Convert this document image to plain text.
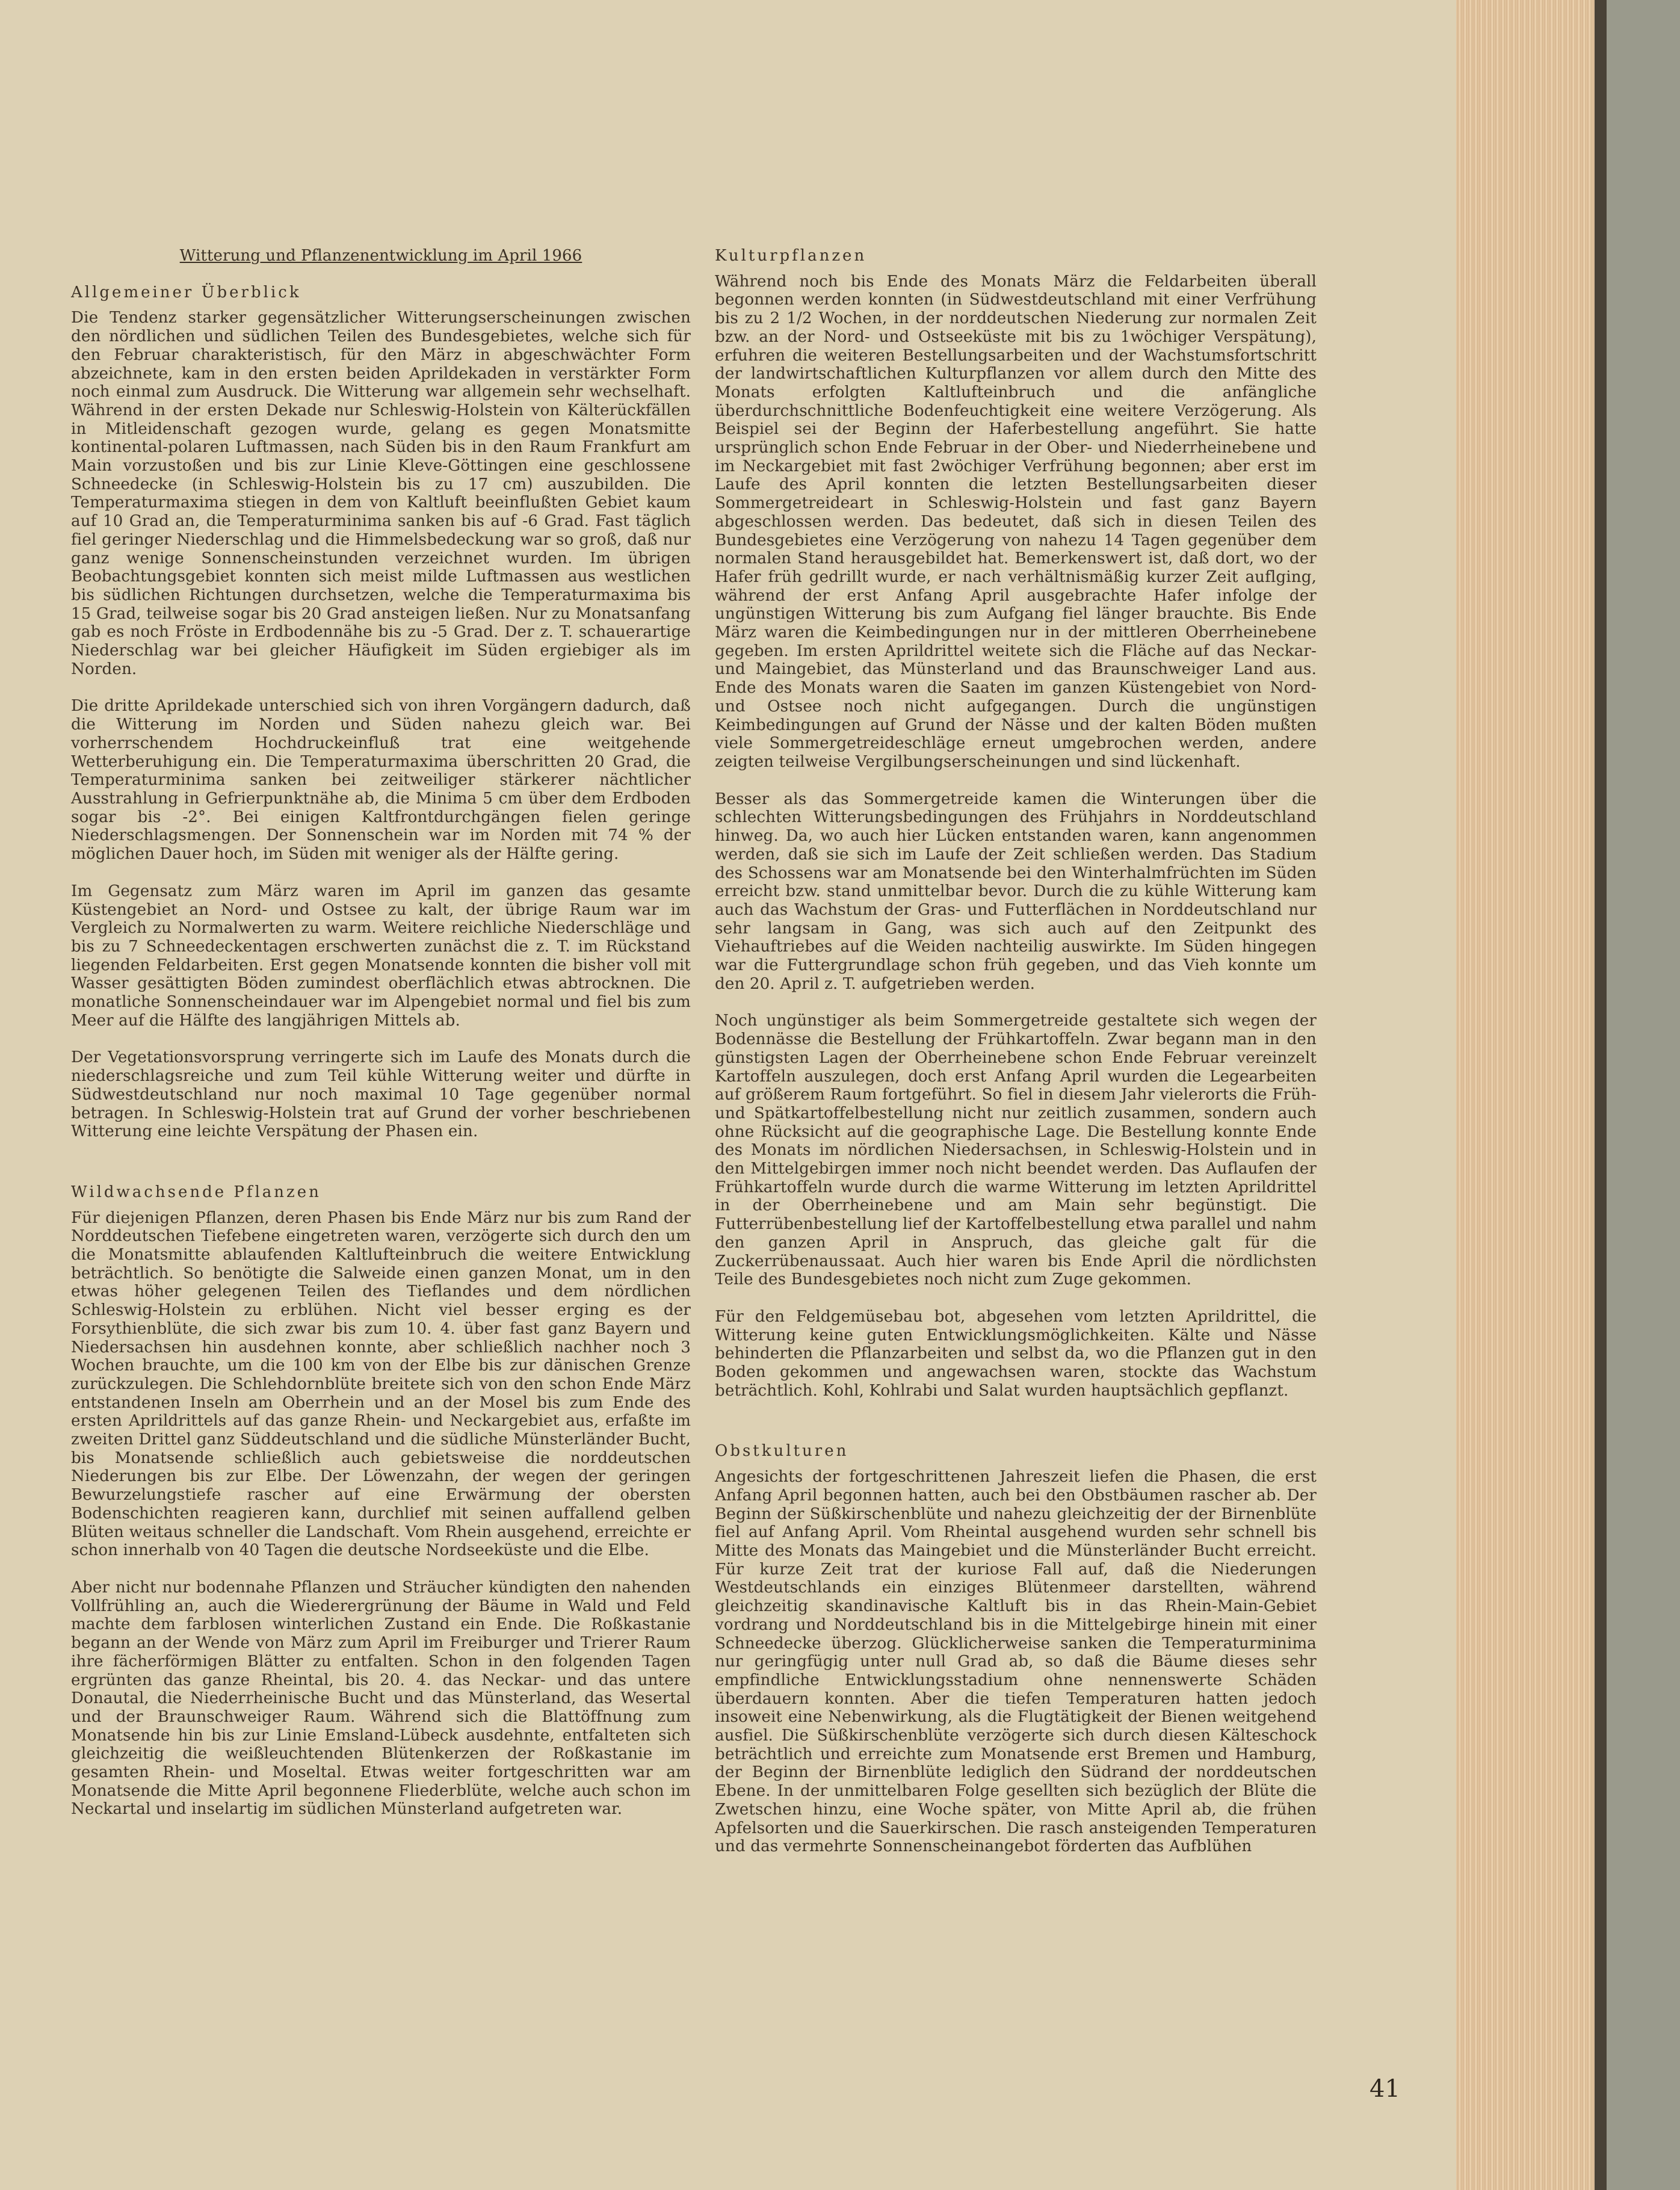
Witterung und Pflanzenentwicklung im April 1966
Allgemeiner Überblick

Die Tendenz starker gegensätzlicher Witterungserscheinungen zwischen den nördlichen und südlichen Teilen des Bundesgebietes, welche sich für den Februar charakteristisch, für den März in abgeschwächter Form abzeichnete, kam in den ersten beiden Aprildekaden in verstärkter Form noch einmal zum Ausdruck. Die Witterung war allgemein sehr wechselhaft. Während in der ersten Dekade nur Schleswig-Holstein von Kälterückfällen in Mitleidenschaft gezogen wurde, gelang es gegen Monatsmitte kontinental-polaren Luftmassen, nach Süden bis in den Raum Frankfurt am Main vorzustoßen und bis zur Linie Kleve-Göttingen eine geschlossene Schneedecke (in Schleswig-Holstein bis zu 17 cm) auszubilden. Die Temperaturmaxima stiegen in dem von Kaltluft beeinflußten Gebiet kaum auf 10 Grad an, die Temperaturminima sanken bis auf -6 Grad. Fast täglich fiel geringer Niederschlag und die Himmelsbedeckung war so groß, daß nur ganz wenige Sonnenscheinstunden verzeichnet wurden. Im übrigen Beobachtungsgebiet konnten sich meist milde Luftmassen aus westlichen bis südlichen Richtungen durchsetzen, welche die Temperaturmaxima bis 15 Grad, teilweise sogar bis 20 Grad ansteigen ließen. Nur zu Monatsanfang gab es noch Fröste in Erdbodennähe bis zu -5 Grad. Der z. T. schauerartige Niederschlag war bei gleicher Häufigkeit im Süden ergiebiger als im Norden.

Die dritte Aprildekade unterschied sich von ihren Vorgängern dadurch, daß die Witterung im Norden und Süden nahezu gleich war. Bei vorherrschendem Hochdruckeinfluß trat eine weitgehende Wetterberuhigung ein. Die Temperaturmaxima überschritten 20 Grad, die Temperaturminima sanken bei zeitweiliger stärkerer nächtlicher Ausstrahlung in Gefrierpunktnähe ab, die Minima 5 cm über dem Erdboden sogar bis -2°. Bei einigen Kaltfrontdurchgängen fielen geringe Niederschlagsmengen. Der Sonnenschein war im Norden mit 74 % der möglichen Dauer hoch, im Süden mit weniger als der Hälfte gering.

Im Gegensatz zum März waren im April im ganzen das gesamte Küstengebiet an Nord- und Ostsee zu kalt, der übrige Raum war im Vergleich zu Normalwerten zu warm. Weitere reichliche Niederschläge und bis zu 7 Schneedeckentagen erschwerten zunächst die z. T. im Rückstand liegenden Feldarbeiten. Erst gegen Monatsende konnten die bisher voll mit Wasser gesättigten Böden zumindest oberflächlich etwas abtrocknen. Die monatliche Sonnenscheindauer war im Alpengebiet normal und fiel bis zum Meer auf die Hälfte des langjährigen Mittels ab.

Der Vegetationsvorsprung verringerte sich im Laufe des Monats durch die niederschlagsreiche und zum Teil kühle Witterung weiter und dürfte in Südwestdeutschland nur noch maximal 10 Tage gegenüber normal betragen. In Schleswig-Holstein trat auf Grund der vorher beschriebenen Witterung eine leichte Verspätung der Phasen ein.

Wildwachsende Pflanzen

Für diejenigen Pflanzen, deren Phasen bis Ende März nur bis zum Rand der Norddeutschen Tiefebene eingetreten waren, verzögerte sich durch den um die Monatsmitte ablaufenden Kaltlufteinbruch die weitere Entwicklung beträchtlich. So benötigte die Salweide einen ganzen Monat, um in den etwas höher gelegenen Teilen des Tieflandes und dem nördlichen Schleswig-Holstein zu erblühen. Nicht viel besser erging es der Forsythienblüte, die sich zwar bis zum 10. 4. über fast ganz Bayern und Niedersachsen hin ausdehnen konnte, aber schließlich nachher noch 3 Wochen brauchte, um die 100 km von der Elbe bis zur dänischen Grenze zurückzulegen. Die Schlehdornblüte breitete sich von den schon Ende März entstandenen Inseln am Oberrhein und an der Mosel bis zum Ende des ersten Aprildrittels auf das ganze Rhein- und Neckargebiet aus, erfaßte im zweiten Drittel ganz Süddeutschland und die südliche Münsterländer Bucht, bis Monatsende schließlich auch gebietsweise die norddeutschen Niederungen bis zur Elbe. Der Löwenzahn, der wegen der geringen Bewurzelungstiefe rascher auf eine Erwärmung der obersten Bodenschichten reagieren kann, durchlief mit seinen auffallend gelben Blüten weitaus schneller die Landschaft. Vom Rhein ausgehend, erreichte er schon innerhalb von 40 Tagen die deutsche Nordseeküste und die Elbe.

Aber nicht nur bodennahe Pflanzen und Sträucher kündigten den nahenden Vollfrühling an, auch die Wiederergrünung der Bäume in Wald und Feld machte dem farblosen winterlichen Zustand ein Ende. Die Roßkastanie begann an der Wende von März zum April im Freiburger und Trierer Raum ihre fächerförmigen Blätter zu entfalten. Schon in den folgenden Tagen ergrünten das ganze Rheintal, bis 20. 4. das Neckar- und das untere Donautal, die Niederrheinische Bucht und das Münsterland, das Wesertal und der Braunschweiger Raum. Während sich die Blattöffnung zum Monatsende hin bis zur Linie Emsland-Lübeck ausdehnte, entfalteten sich gleichzeitig die weißleuchtenden Blütenkerzen der Roßkastanie im gesamten Rhein- und Moseltal. Etwas weiter fortgeschritten war am Monatsende die Mitte April begonnene Fliederblüte, welche auch schon im Neckartal und inselartig im südlichen Münsterland aufgetreten war.

Kulturpflanzen

Während noch bis Ende des Monats März die Feldarbeiten überall begonnen werden konnten (in Südwestdeutschland mit einer Verfrühung bis zu 2 1/2 Wochen, in der norddeutschen Niederung zur normalen Zeit bzw. an der Nord- und Ostseeküste mit bis zu 1wöchiger Verspätung), erfuhren die weiteren Bestellungsarbeiten und der Wachstumsfortschritt der landwirtschaftlichen Kulturpflanzen vor allem durch den Mitte des Monats erfolgten Kaltlufteinbruch und die anfängliche überdurchschnittliche Bodenfeuchtigkeit eine weitere Verzögerung. Als Beispiel sei der Beginn der Haferbestellung angeführt. Sie hatte ursprünglich schon Ende Februar in der Ober- und Niederrheinebene und im Neckargebiet mit fast 2wöchiger Verfrühung begonnen; aber erst im Laufe des April konnten die letzten Bestellungsarbeiten dieser Sommergetreideart in Schleswig-Holstein und fast ganz Bayern abgeschlossen werden. Das bedeutet, daß sich in diesen Teilen des Bundesgebietes eine Verzögerung von nahezu 14 Tagen gegenüber dem normalen Stand herausgebildet hat. Bemerkenswert ist, daß dort, wo der Hafer früh gedrillt wurde, er nach verhältnismäßig kurzer Zeit auflging, während der erst Anfang April ausgebrachte Hafer infolge der ungünstigen Witterung bis zum Aufgang fiel länger brauchte. Bis Ende März waren die Keimbedingungen nur in der mittleren Oberrheinebene gegeben. Im ersten Aprildrittel weitete sich die Fläche auf das Neckar- und Maingebiet, das Münsterland und das Braunschweiger Land aus. Ende des Monats waren die Saaten im ganzen Küstengebiet von Nord- und Ostsee noch nicht aufgegangen. Durch die ungünstigen Keimbedingungen auf Grund der Nässe und der kalten Böden mußten viele Sommergetreideschläge erneut umgebrochen werden, andere zeigten teilweise Vergilbungserscheinungen und sind lückenhaft.

Besser als das Sommergetreide kamen die Winterungen über die schlechten Witterungsbedingungen des Frühjahrs in Norddeutschland hinweg. Da, wo auch hier Lücken entstanden waren, kann angenommen werden, daß sie sich im Laufe der Zeit schließen werden. Das Stadium des Schossens war am Monatsende bei den Winterhalmfrüchten im Süden erreicht bzw. stand unmittelbar bevor. Durch die zu kühle Witterung kam auch das Wachstum der Gras- und Futterflächen in Norddeutschland nur sehr langsam in Gang, was sich auch auf den Zeitpunkt des Viehauftriebes auf die Weiden nachteilig auswirkte. Im Süden hingegen war die Futtergrundlage schon früh gegeben, und das Vieh konnte um den 20. April z. T. aufgetrieben werden.

Noch ungünstiger als beim Sommergetreide gestaltete sich wegen der Bodennässe die Bestellung der Frühkartoffeln. Zwar begann man in den günstigsten Lagen der Oberrheinebene schon Ende Februar vereinzelt Kartoffeln auszulegen, doch erst Anfang April wurden die Legearbeiten auf größerem Raum fortgeführt. So fiel in diesem Jahr vielerorts die Früh- und Spätkartoffelbestellung nicht nur zeitlich zusammen, sondern auch ohne Rücksicht auf die geographische Lage. Die Bestellung konnte Ende des Monats im nördlichen Niedersachsen, in Schleswig-Holstein und in den Mittelgebirgen immer noch nicht beendet werden. Das Auflaufen der Frühkartoffeln wurde durch die warme Witterung im letzten Aprildrittel in der Oberrheinebene und am Main sehr begünstigt. Die Futterrübenbestellung lief der Kartoffelbestellung etwa parallel und nahm den ganzen April in Anspruch, das gleiche galt für die Zuckerrübenaussaat. Auch hier waren bis Ende April die nördlichsten Teile des Bundesgebietes noch nicht zum Zuge gekommen.

Für den Feldgemüsebau bot, abgesehen vom letzten Aprildrittel, die Witterung keine guten Entwicklungsmöglichkeiten. Kälte und Nässe behinderten die Pflanzarbeiten und selbst da, wo die Pflanzen gut in den Boden gekommen und angewachsen waren, stockte das Wachstum beträchtlich. Kohl, Kohlrabi und Salat wurden hauptsächlich gepflanzt.

Obstkulturen

Angesichts der fortgeschrittenen Jahreszeit liefen die Phasen, die erst Anfang April begonnen hatten, auch bei den Obstbäumen rascher ab. Der Beginn der Süßkirschenblüte und nahezu gleichzeitig der der Birnenblüte fiel auf Anfang April. Vom Rheintal ausgehend wurden sehr schnell bis Mitte des Monats das Maingebiet und die Münsterländer Bucht erreicht. Für kurze Zeit trat der kuriose Fall auf, daß die Niederungen Westdeutschlands ein einziges Blütenmeer darstellten, während gleichzeitig skandinavische Kaltluft bis in das Rhein-Main-Gebiet vordrang und Norddeutschland bis in die Mittelgebirge hinein mit einer Schneedecke überzog. Glücklicherweise sanken die Temperaturminima nur geringfügig unter null Grad ab, so daß die Bäume dieses sehr empfindliche Entwicklungsstadium ohne nennenswerte Schäden überdauern konnten. Aber die tiefen Temperaturen hatten jedoch insoweit eine Nebenwirkung, als die Flugtätigkeit der Bienen weitgehend ausfiel. Die Süßkirschenblüte verzögerte sich durch diesen Kälteschock beträchtlich und erreichte zum Monatsende erst Bremen und Hamburg, der Beginn der Birnenblüte lediglich den Südrand der norddeutschen Ebene. In der unmittelbaren Folge gesellten sich bezüglich der Blüte die Zwetschen hinzu, eine Woche später, von Mitte April ab, die frühen Apfelsorten und die Sauerkirschen. Die rasch ansteigenden Temperaturen und das vermehrte Sonnenscheinangebot förderten das Aufblühen

41
